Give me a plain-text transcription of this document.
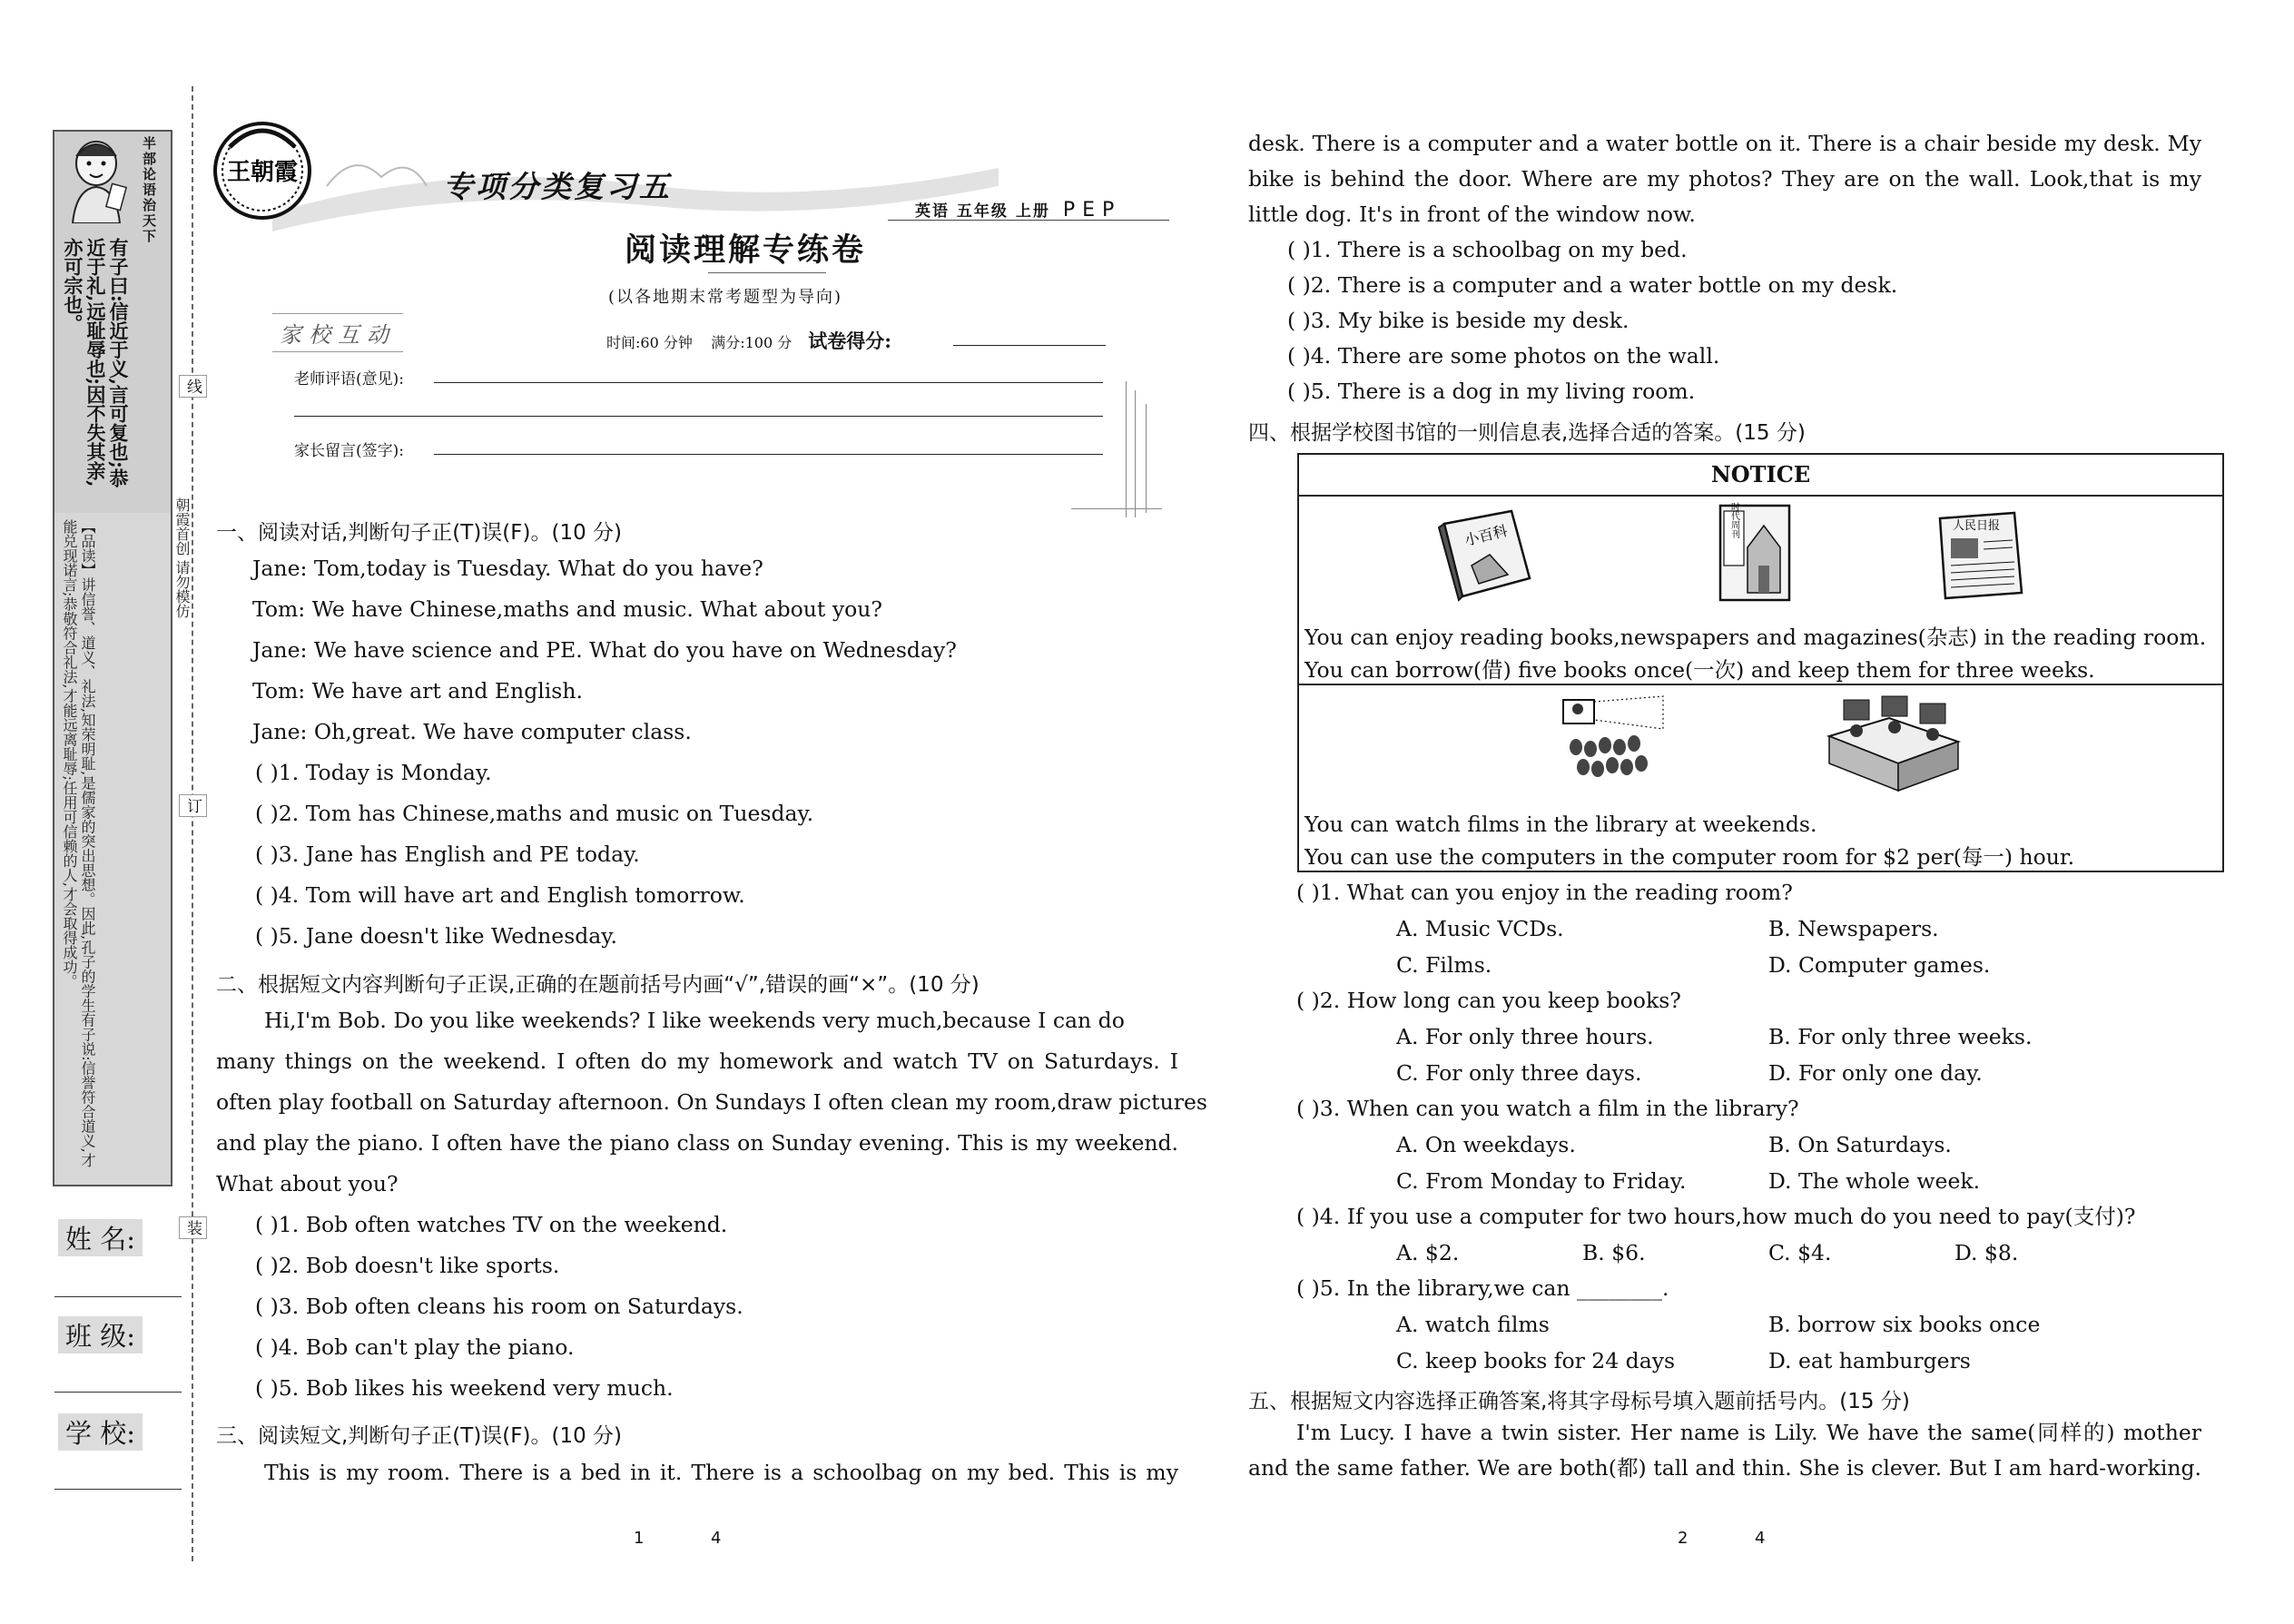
半部论语治天下
有子曰:信近于义,言可复也;恭近于礼,远耻辱也;因不失其亲,亦可宗也。
【品读】讲信誉、道义、礼法,知荣明耻,是儒家的突出思想。因此,孔子的学生有子说:信誉符合道义,才能兑现诺言;恭敬符合礼法,才能远离耻辱;任用可信赖的人,才会取得成功。
姓 名:
班 级:
学 校:
线
订
装
朝霞首创 请勿模仿
王朝霞	专项分类复习五
英语 五年级 上册 PEP
阅读理解专练卷
(以各地期末常考题型为导向)
家校互动	时间:60 分钟 满分:100 分 试卷得分:
老师评语(意见):
家长留言(签字):
一、阅读对话,判断句子正(T)误(F)。(10 分)
Jane: Tom,today is Tuesday. What do you have?
Tom: We have Chinese,maths and music. What about you?
Jane: We have science and PE. What do you have on Wednesday?
Tom: We have art and English.
Jane: Oh,great. We have computer class.
( )1. Today is Monday.
( )2. Tom has Chinese,maths and music on Tuesday.
( )3. Jane has English and PE today.
( )4. Tom will have art and English tomorrow.
( )5. Jane doesn't like Wednesday.
二、根据短文内容判断句子正误,正确的在题前括号内画“√”,错误的画“×”。(10 分)
Hi,I'm Bob. Do you like weekends? I like weekends very much,because I can do
many things on the weekend. I often do my homework and watch TV on Saturdays. I
often play football on Saturday afternoon. On Sundays I often clean my room,draw pictures
and play the piano. I often have the piano class on Sunday evening. This is my weekend.
What about you?
( )1. Bob often watches TV on the weekend.
( )2. Bob doesn't like sports.
( )3. Bob often cleans his room on Saturdays.
( )4. Bob can't play the piano.
( )5. Bob likes his weekend very much.
三、阅读短文,判断句子正(T)误(F)。(10 分)
This is my room. There is a bed in it. There is a schoolbag on my bed. This is my
desk. There is a computer and a water bottle on it. There is a chair beside my desk. My
bike is behind the door. Where are my photos? They are on the wall. Look,that is my
little dog. It's in front of the window now.
( )1. There is a schoolbag on my bed.
( )2. There is a computer and a water bottle on my desk.
( )3. My bike is beside my desk.
( )4. There are some photos on the wall.
( )5. There is a dog in my living room.
四、根据学校图书馆的一则信息表,选择合适的答案。(15 分)
NOTICE
小百科	时代周刊	人民日报
You can enjoy reading books,newspapers and magazines(杂志) in the reading room.
You can borrow(借) five books once(一次) and keep them for three weeks.
You can watch films in the library at weekends.
You can use the computers in the computer room for $2 per(每一) hour.
( )1. What can you enjoy in the reading room?
A. Music VCDs.	B. Newspapers.
C. Films.	D. Computer games.
( )2. How long can you keep books?
A. For only three hours.	B. For only three weeks.
C. For only three days.	D. For only one day.
( )3. When can you watch a film in the library?
A. On weekdays.	B. On Saturdays.
C. From Monday to Friday.	D. The whole week.
( )4. If you use a computer for two hours,how much do you need to pay(支付)?
A. $2.	B. $6.	C. $4.	D. $8.
( )5. In the library,we can ________.
A. watch films	B. borrow six books once
C. keep books for 24 days	D. eat hamburgers
五、根据短文内容选择正确答案,将其字母标号填入题前括号内。(15 分)
I'm Lucy. I have a twin sister. Her name is Lily. We have the same(同样的) mother
and the same father. We are both(都) tall and thin. She is clever. But I am hard-working.
1	4	2	4
